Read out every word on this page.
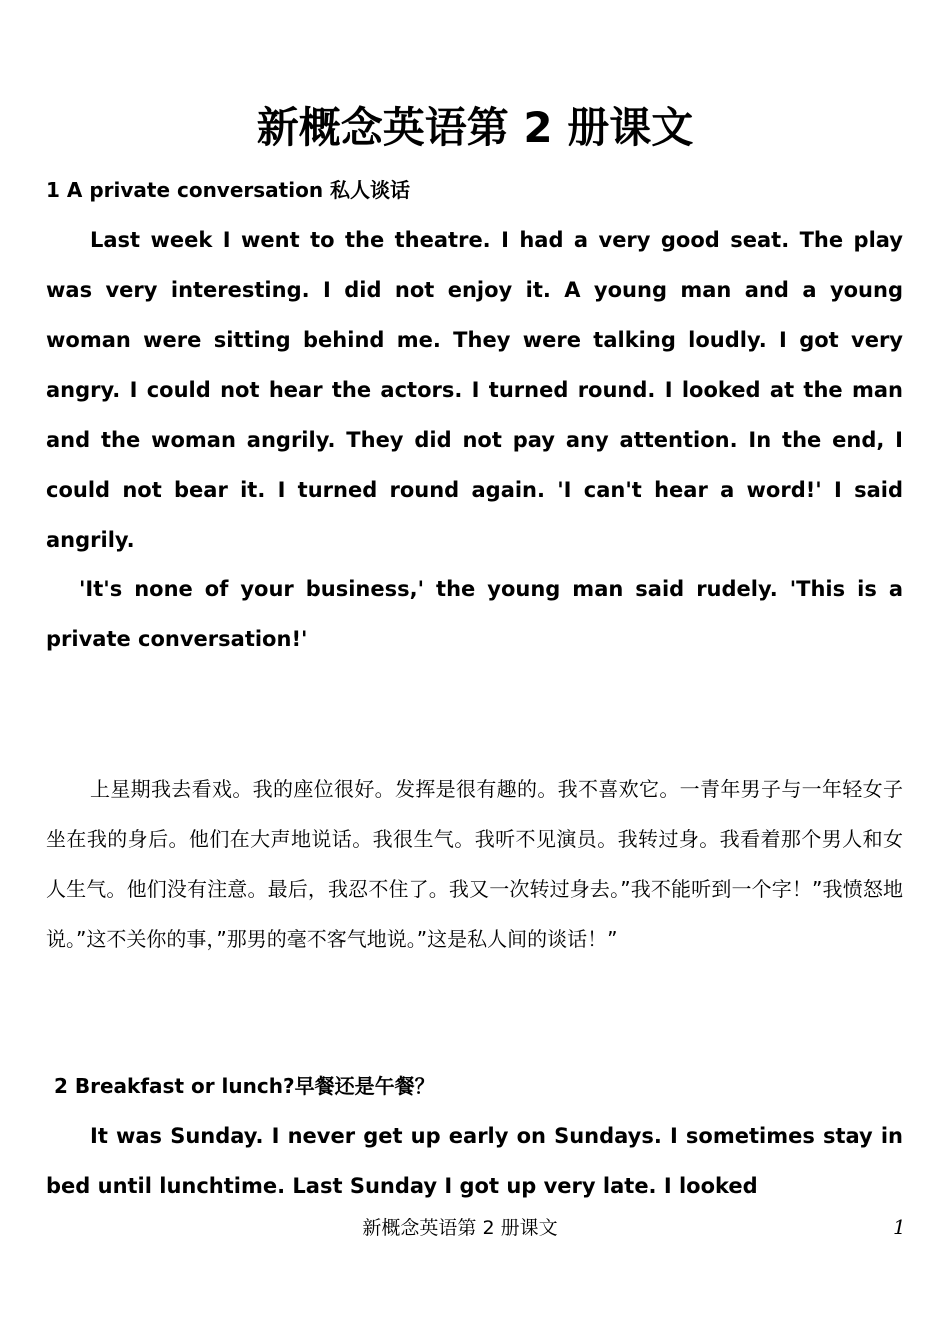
新概念英语第 2 册课文
1 A private conversation 私人谈话

Last week I went to the theatre. I had a very good seat. The play was very interesting. I did not enjoy it. A young man and a young woman were sitting behind me. They were talking loudly. I got very angry. I could not hear the actors. I turned round. I looked at the man and the woman angrily. They did not pay any attention. In the end, I could not bear it. I turned round again. 'I can't hear a word!' I said angrily.

'It's none of your business,' the young man said rudely. 'This is a private conversation!'

上星期我去看戏。我的座位很好。发挥是很有趣的。我不喜欢它。一青年男子与一年轻女子坐在我的身后。他们在大声地说话。我很生气。我听不见演员。我转过身。我看着那个男人和女人生气。他们没有注意。最后，我忍不住了。我又一次转过身去。”我不能听到一个字！”我愤怒地说。”这不关你的事，”那男的毫不客气地说。”这是私人间的谈话！”

2 Breakfast or lunch?早餐还是午餐？

It was Sunday. I never get up early on Sundays. I sometimes stay in bed until lunchtime. Last Sunday I got up very late. I looked

新概念英语第 2 册课文	1
